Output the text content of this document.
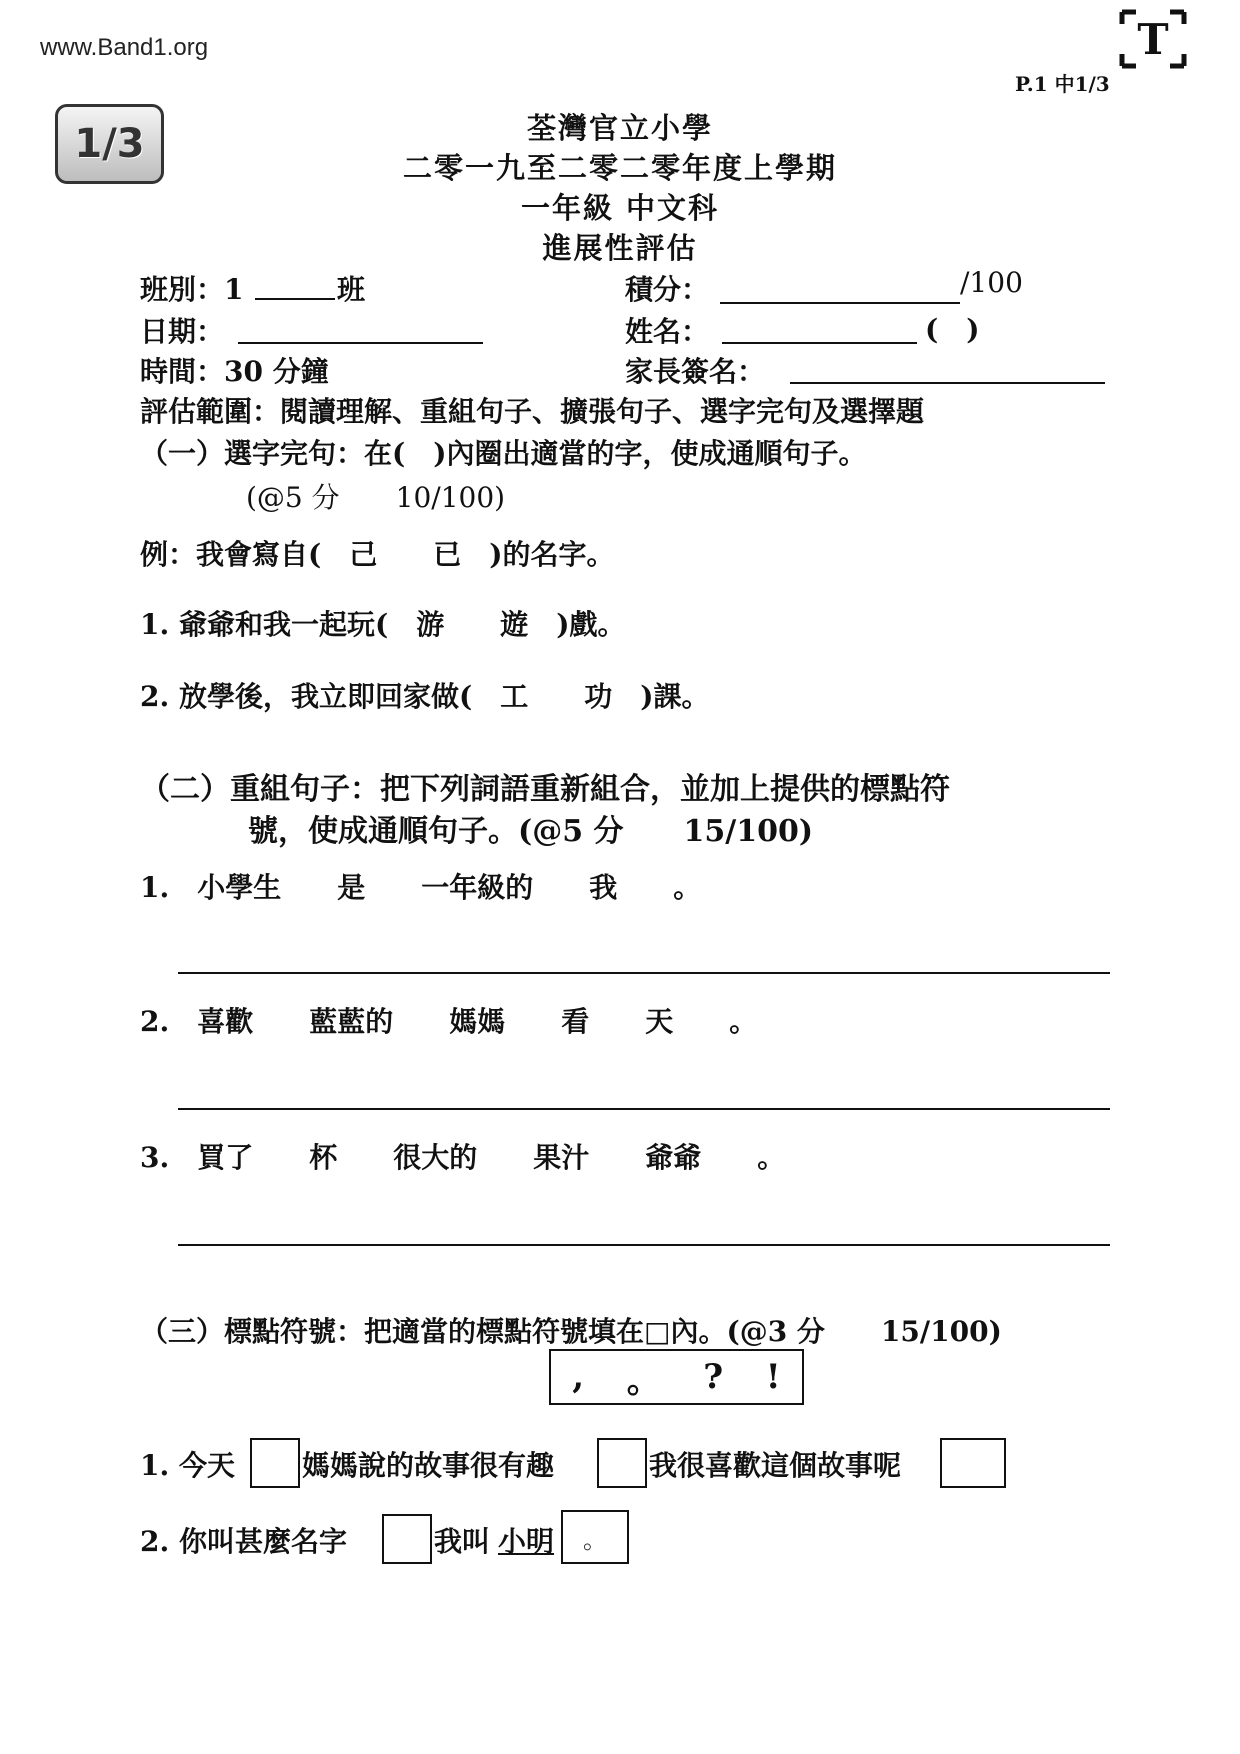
www.Band1.org
P.1 中1/3
T
1/3	荃灣官立小學
二零一九至二零二零年度上學期
一年級 中文科
進展性評估
班別：1	班	積分：	/100
日期：	姓名：	(　)
時間：30 分鐘	家長簽名：
評估範圍：閱讀理解、重組句子、擴張句子、選字完句及選擇題
（一）選字完句：在(　)內圈出適當的字，使成通順句子。
(@5 分　　10/100)
例：我會寫自(　己　　已　)的名字。
1. 爺爺和我一起玩(　游　　遊　)戲。
2. 放學後，我立即回家做(　工　　功　)課。
（二）重組句子：把下列詞語重新組合，並加上提供的標點符
號，使成通順句子。(@5 分　　15/100)
1.　小學生　　是　　一年級的　　我　　。
2.　喜歡　　藍藍的　　媽媽　　看　　天　　。
3.　買了　　杯　　很大的　　果汁　　爺爺　　。
（三）標點符號：把適當的標點符號填在□內。(@3 分　　15/100)
, 。 ? !
1. 今天 媽媽說的故事很有趣	我很喜歡這個故事呢
2. 你叫甚麼名字	我叫 小明 。
